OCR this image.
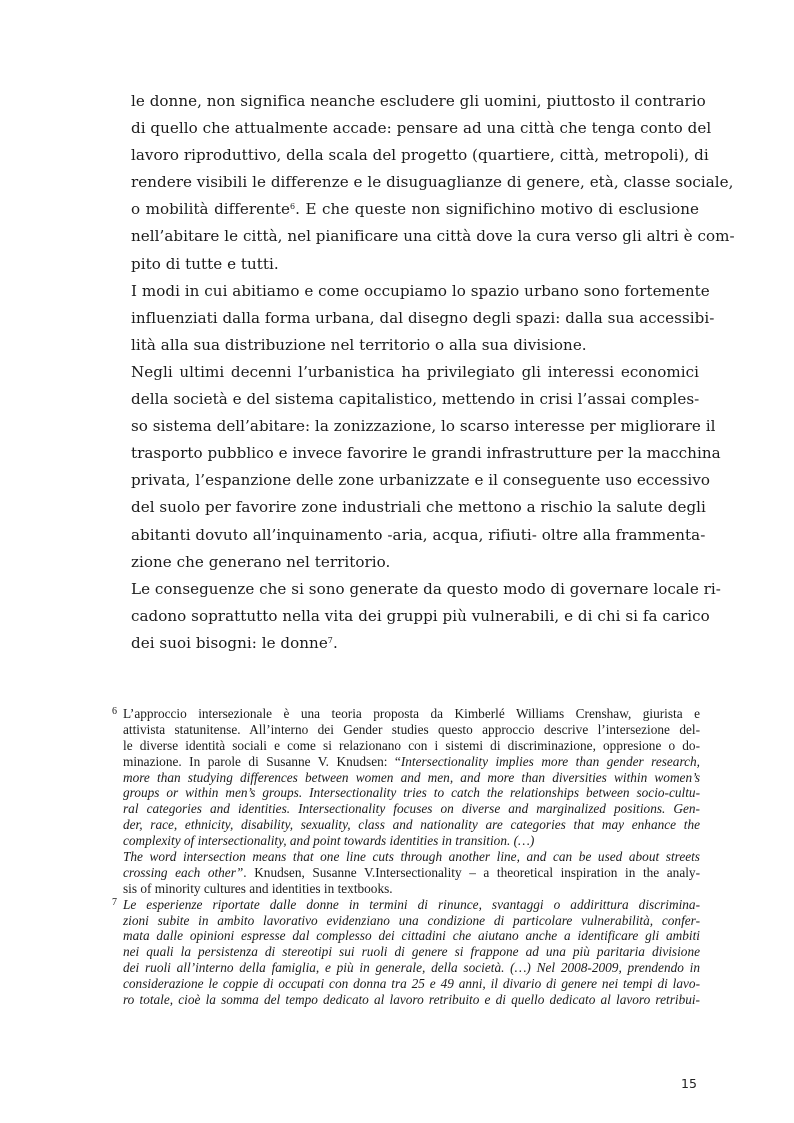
le donne, non significa neanche escludere gli uomini, piuttosto il contrario
di quello che attualmente accade: pensare ad una città che tenga conto del
lavoro riproduttivo, della scala del progetto (quartiere, città, metropoli), di
rendere visibili le differenze e le disuguaglianze di genere, età, classe sociale,
o mobilità differente$^6$. E che queste non significhino motivo di esclusione
nell’abitare le città, nel pianificare una città dove la cura verso gli altri è com-
pito di tutte e tutti.
I modi in cui abitiamo e come occupiamo lo spazio urbano sono fortemente
influenziati dalla forma urbana, dal disegno degli spazi: dalla sua accessibi-
lità alla sua distribuzione nel territorio o alla sua divisione.
Negli ultimi decenni l’urbanistica ha privilegiato gli interessi economici
della società e del sistema capitalistico, mettendo in crisi l’assai comples-
so sistema dell’abitare: la zonizzazione, lo scarso interesse per migliorare il
trasporto pubblico e invece favorire le grandi infrastrutture per la macchina
privata, l’espanzione delle zone urbanizzate e il conseguente uso eccessivo
del suolo per favorire zone industriali che mettono a rischio la salute degli
abitanti dovuto all’inquinamento -aria, acqua, rifiuti- oltre alla frammenta-
zione che generano nel territorio.
Le conseguenze che si sono generate da questo modo di governare locale ri-
cadono soprattutto nella vita dei gruppi più vulnerabili, e di chi si fa carico
dei suoi bisogni: le donne$^7$.
$^6$ L’approccio intersezionale è una teoria proposta da Kimberlé Williams Crenshaw, giurista e
attivista statunitense. All’interno dei Gender studies questo approccio descrive l’intersezione del-
le diverse identità sociali e come si relazionano con i sistemi di discriminazione, oppresione o do-
minazione. In parole di Susanne V. Knudsen: “Intersectionality implies more than gender research,
more than studying differences between women and men, and more than diversities within women’s
groups or within men’s groups. Intersectionality tries to catch the relationships between socio-cultu-
ral categories and identities. Intersectionality focuses on diverse and marginalized positions. Gen-
der, race, ethnicity, disability, sexuality, class and nationality are categories that may enhance the
complexity of intersectionality, and point towards identities in transition. (…)
The word intersection means that one line cuts through another line, and can be used about streets
crossing each other”. Knudsen, Susanne V.Intersectionality – a theoretical inspiration in the analy-
sis of minority cultures and identities in textbooks.
$^7$ Le esperienze riportate dalle donne in termini di rinunce, svantaggi o addirittura discrimina-
zioni subite in ambito lavorativo evidenziano una condizione di particolare vulnerabilità, confer-
mata dalle opinioni espresse dal complesso dei cittadini che aiutano anche a identificare gli ambiti
nei quali la persistenza di stereotipi sui ruoli di genere si frappone ad una più paritaria divisione
dei ruoli all’interno della famiglia, e più in generale, della società. (…) Nel 2008-2009, prendendo in
considerazione le coppie di occupati con donna tra 25 e 49 anni, il divario di genere nei tempi di lavo-
ro totale, cioè la somma del tempo dedicato al lavoro retribuito e di quello dedicato al lavoro retribui-
15
